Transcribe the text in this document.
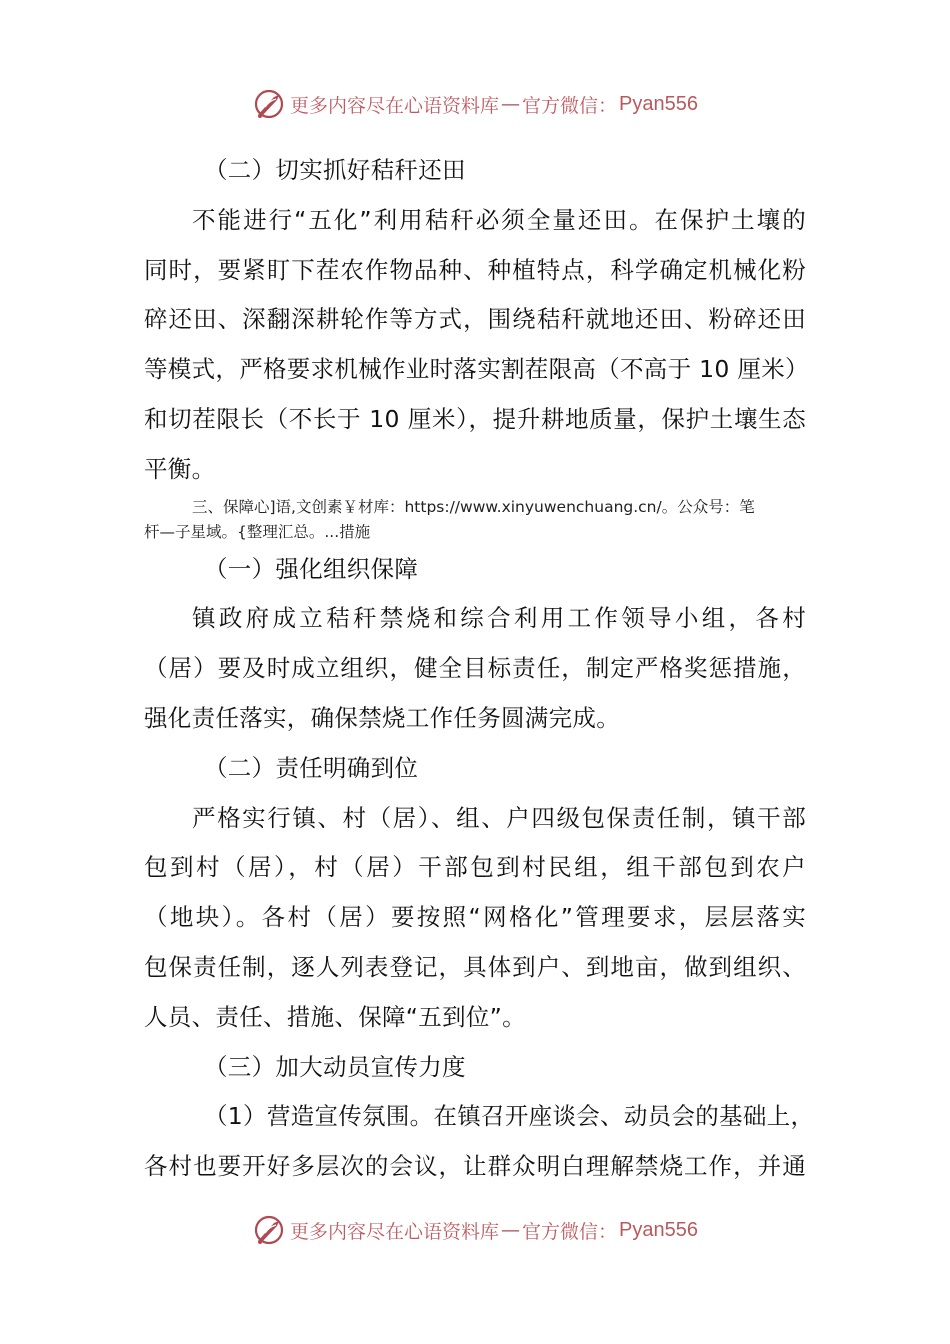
更多内容尽在心语资料库 — 官方微信： Pyan556
（二）切实抓好秸秆还田
不能进行“五化”利用秸秆必须全量还田。在保护土壤的
同时，要紧盯下茬农作物品种、种植特点，科学确定机械化粉
碎还田、深翻深耕轮作等方式，围绕秸秆就地还田、粉碎还田
等模式，严格要求机械作业时落实割茬限高（不高于 10 厘米）
和切茬限长（不长于 10 厘米），提升耕地质量，保护土壤生态
平衡。
三、保障心]语,文创素￥材库：https://www.xinyuwenchuang.cn/。公众号：笔
杆—子星域。{整理汇总。...措施
（一）强化组织保障
镇政府成立秸秆禁烧和综合利用工作领导小组，各村
（居）要及时成立组织，健全目标责任，制定严格奖惩措施，
强化责任落实，确保禁烧工作任务圆满完成。
（二）责任明确到位
严格实行镇、村（居）、组、户四级包保责任制，镇干部
包到村（居），村（居）干部包到村民组，组干部包到农户
（地块）。各村（居）要按照“网格化”管理要求，层层落实
包保责任制，逐人列表登记，具体到户、到地亩，做到组织、
人员、责任、措施、保障“五到位”。
（三）加大动员宣传力度
（1）营造宣传氛围。在镇召开座谈会、动员会的基础上，
各村也要开好多层次的会议，让群众明白理解禁烧工作，并通
更多内容尽在心语资料库 — 官方微信： Pyan556
